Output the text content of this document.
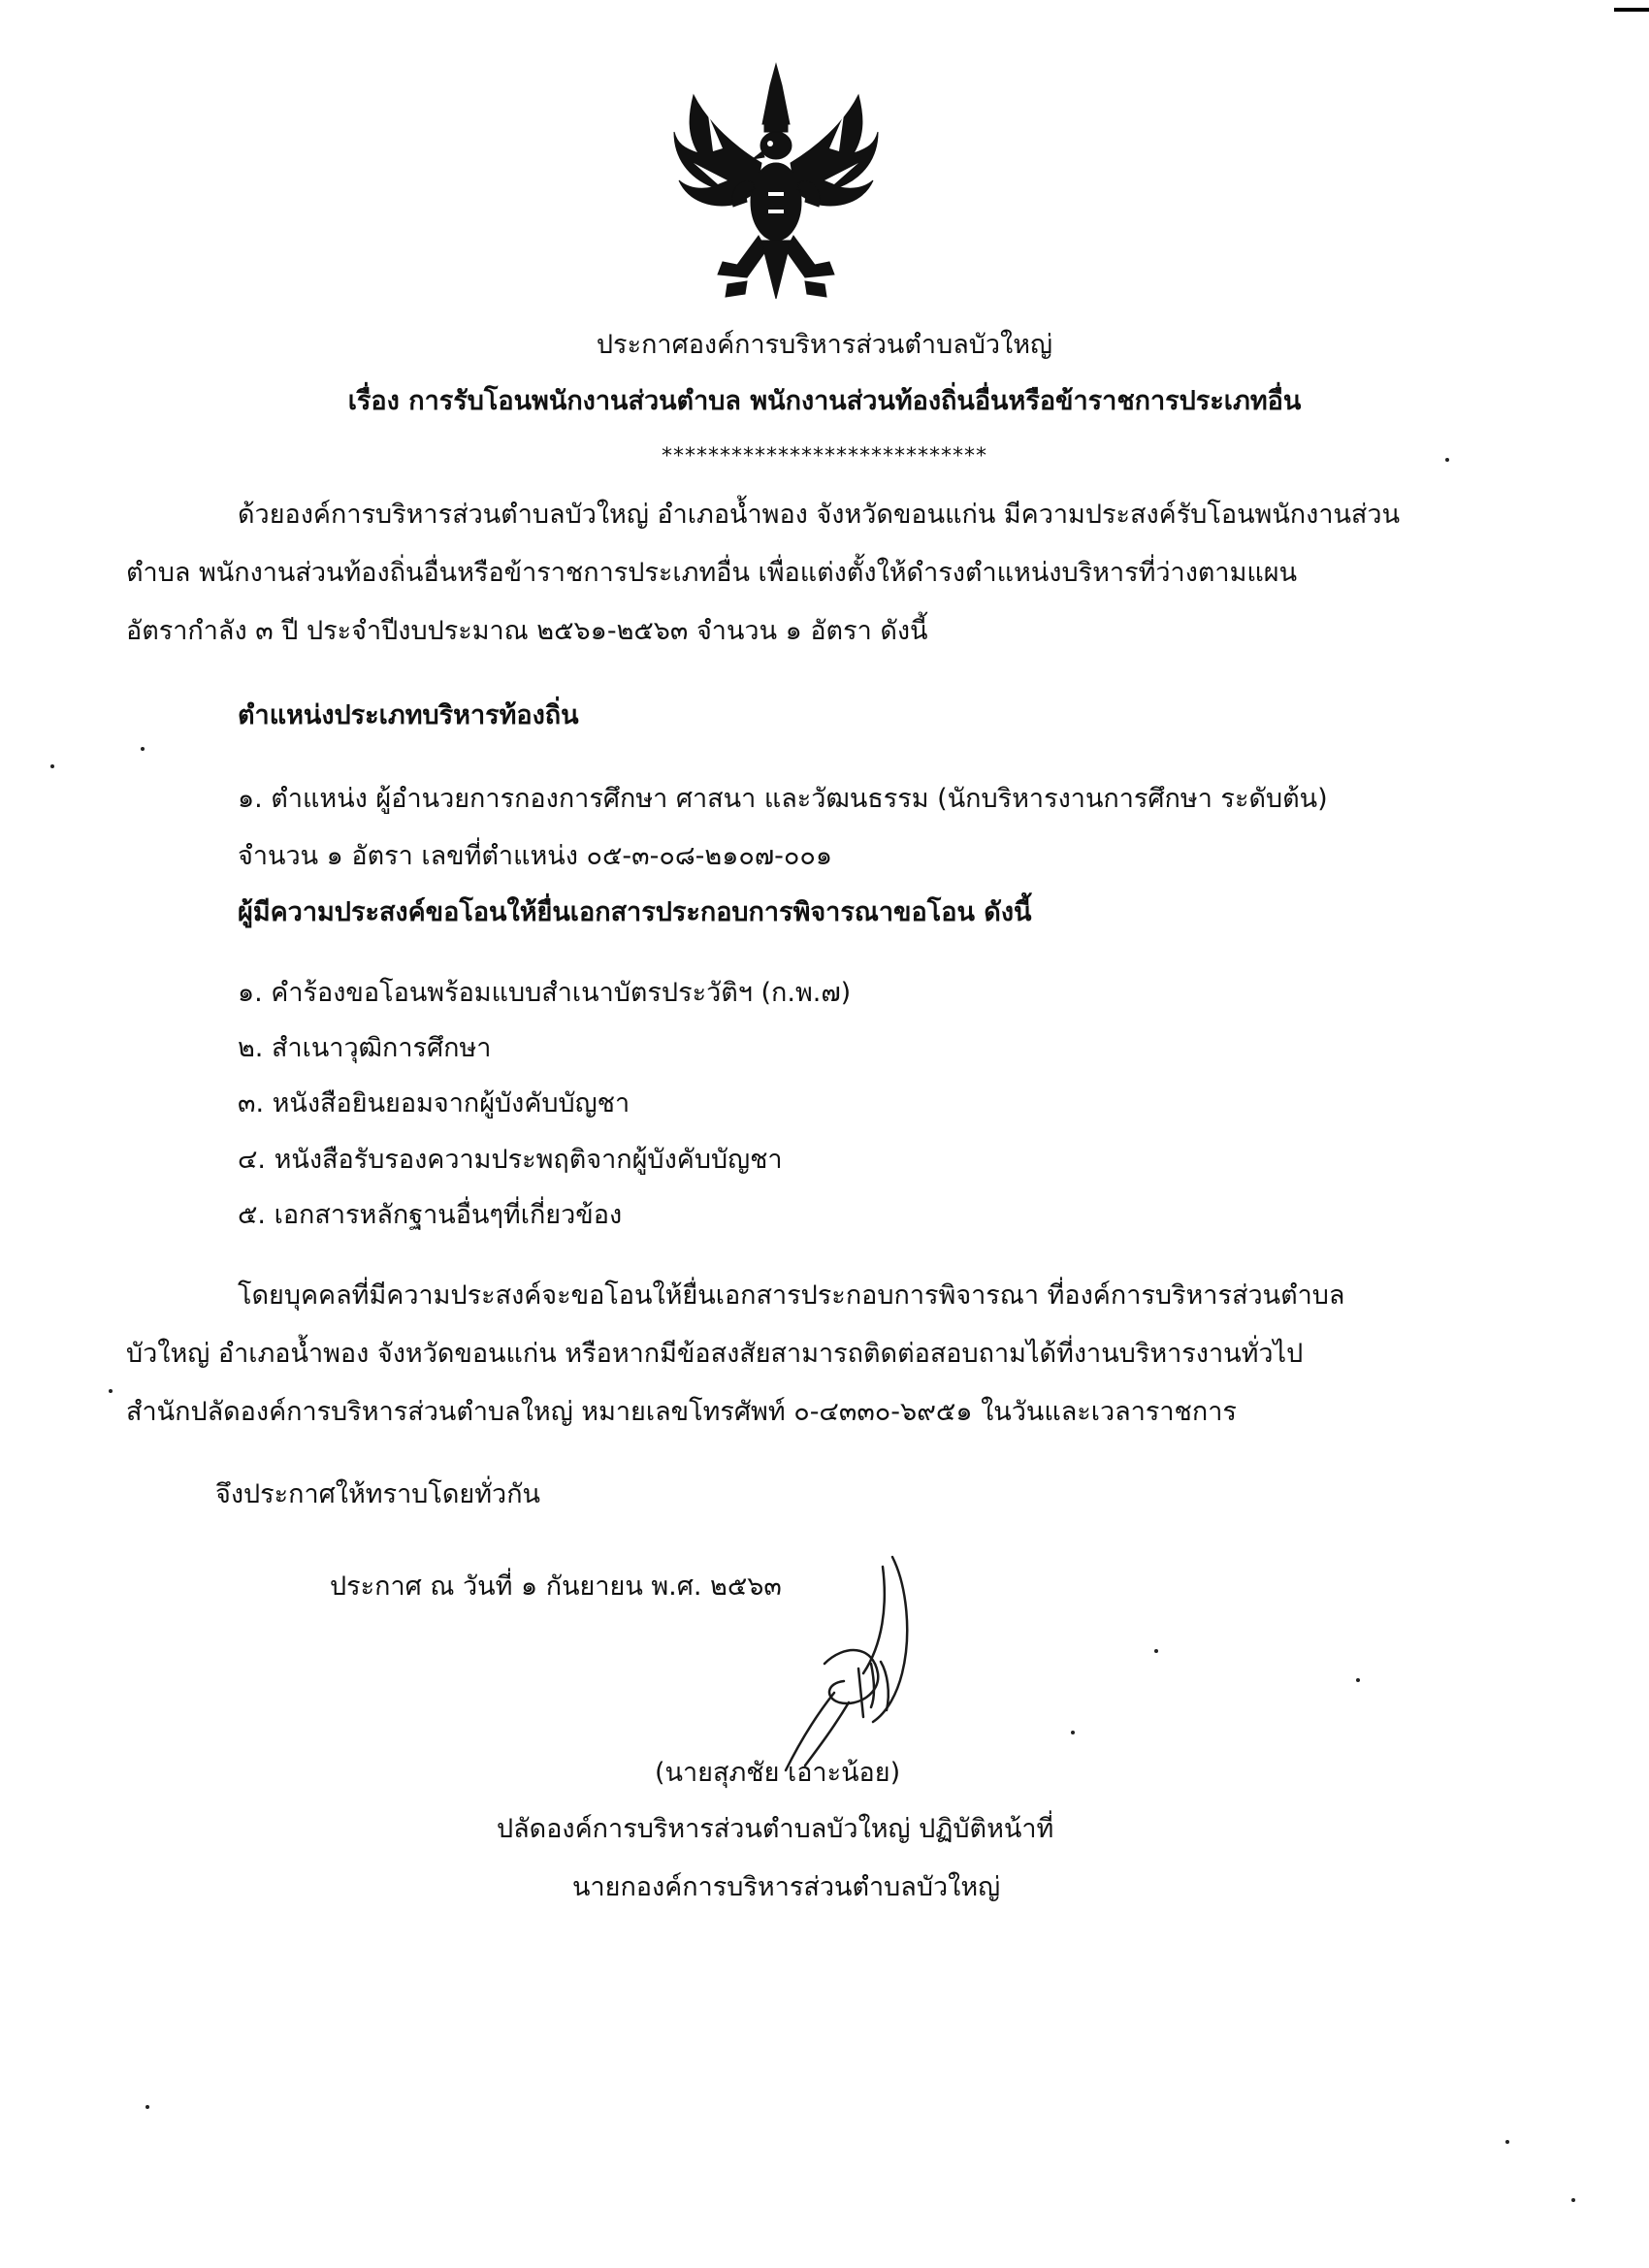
ประกาศองค์การบริหารส่วนตำบลบัวใหญ่
เรื่อง การรับโอนพนักงานส่วนตำบล พนักงานส่วนท้องถิ่นอื่นหรือข้าราชการประเภทอื่น
****************************
ด้วยองค์การบริหารส่วนตำบลบัวใหญ่ อำเภอน้ำพอง จังหวัดขอนแก่น มีความประสงค์รับโอนพนักงานส่วน
ตำบล พนักงานส่วนท้องถิ่นอื่นหรือข้าราชการประเภทอื่น เพื่อแต่งตั้งให้ดำรงตำแหน่งบริหารที่ว่างตามแผน
อัตรากำลัง ๓ ปี ประจำปีงบประมาณ ๒๕๖๑-๒๕๖๓ จำนวน ๑ อัตรา ดังนี้
ตำแหน่งประเภทบริหารท้องถิ่น
๑. ตำแหน่ง ผู้อำนวยการกองการศึกษา ศาสนา และวัฒนธรรม (นักบริหารงานการศึกษา ระดับต้น)
จำนวน ๑ อัตรา เลขที่ตำแหน่ง ๐๕-๓-๐๘-๒๑๐๗-๐๐๑
ผู้มีความประสงค์ขอโอนให้ยื่นเอกสารประกอบการพิจารณาขอโอน ดังนี้
๑. คำร้องขอโอนพร้อมแบบสำเนาบัตรประวัติฯ (ก.พ.๗)
๒. สำเนาวุฒิการศึกษา
๓. หนังสือยินยอมจากผู้บังคับบัญชา
๔. หนังสือรับรองความประพฤติจากผู้บังคับบัญชา
๕. เอกสารหลักฐานอื่นๆที่เกี่ยวข้อง
โดยบุคคลที่มีความประสงค์จะขอโอนให้ยื่นเอกสารประกอบการพิจารณา ที่องค์การบริหารส่วนตำบล
บัวใหญ่ อำเภอน้ำพอง จังหวัดขอนแก่น หรือหากมีข้อสงสัยสามารถติดต่อสอบถามได้ที่งานบริหารงานทั่วไป
สำนักปลัดองค์การบริหารส่วนตำบลใหญ่ หมายเลขโทรศัพท์ ๐-๔๓๓๐-๖๙๕๑ ในวันและเวลาราชการ
จึงประกาศให้ทราบโดยทั่วกัน
ประกาศ ณ วันที่ ๑ กันยายน พ.ศ. ๒๕๖๓
(นายสุภชัย เอาะน้อย)
ปลัดองค์การบริหารส่วนตำบลบัวใหญ่ ปฏิบัติหน้าที่
นายกองค์การบริหารส่วนตำบลบัวใหญ่
